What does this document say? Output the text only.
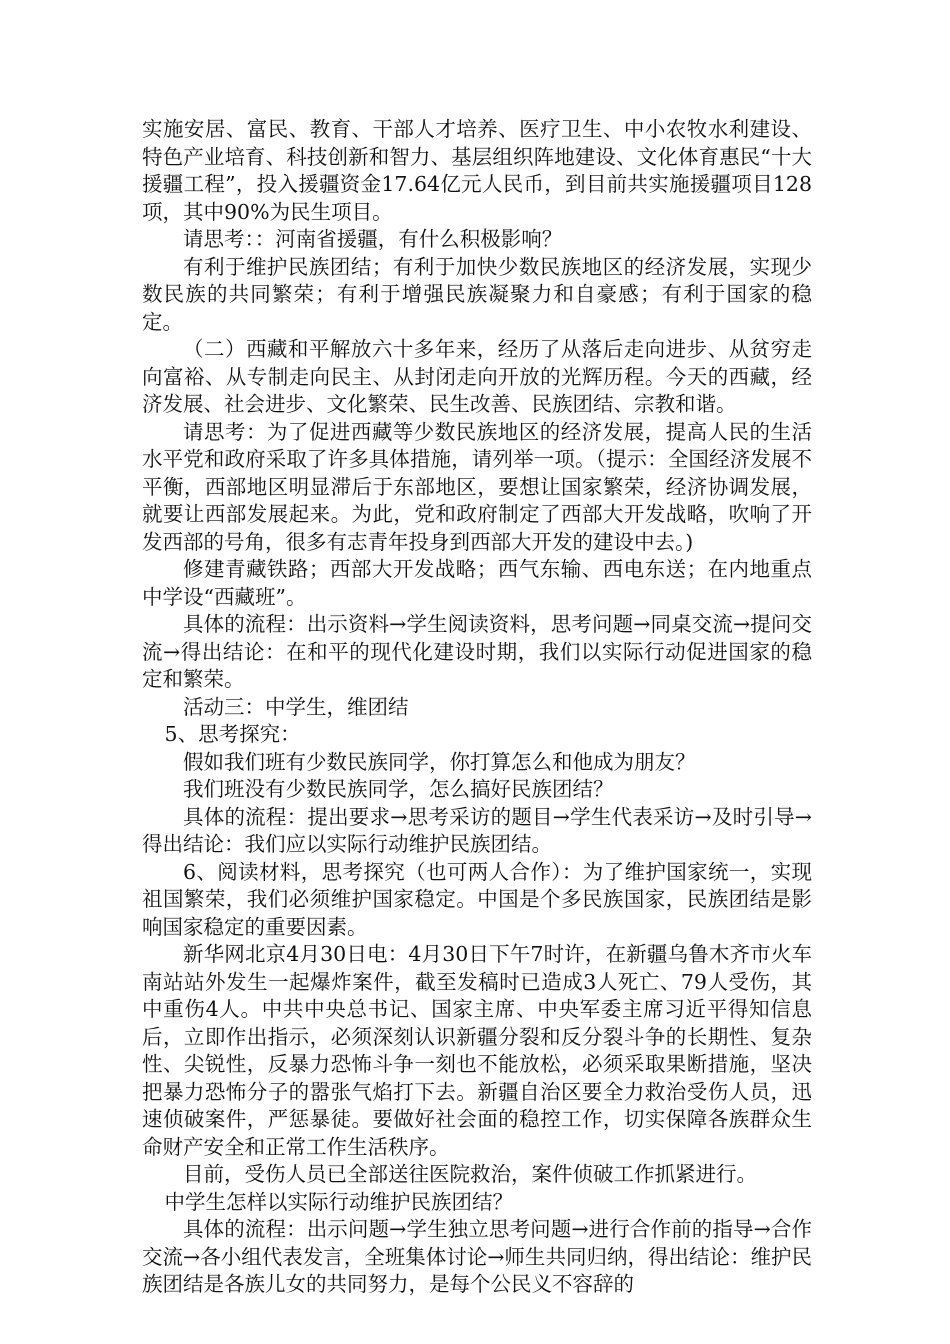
实施安居、富民、教育、干部人才培养、医疗卫生、中小农牧水利建设、特色产业培育、科技创新和智力、基层组织阵地建设、文化体育惠民“十大援疆工程”，投入援疆资金17.64亿元人民币，到目前共实施援疆项目128项，其中90%为民生项目。

请思考：：河南省援疆，有什么积极影响？

有利于维护民族团结；有利于加快少数民族地区的经济发展，实现少数民族的共同繁荣；有利于增强民族凝聚力和自豪感；有利于国家的稳定。

（二）西藏和平解放六十多年来，经历了从落后走向进步、从贫穷走向富裕、从专制走向民主、从封闭走向开放的光辉历程。今天的西藏，经济发展、社会进步、文化繁荣、民生改善、民族团结、宗教和谐。

请思考：为了促进西藏等少数民族地区的经济发展，提高人民的生活水平党和政府采取了许多具体措施，请列举一项。（提示：全国经济发展不平衡，西部地区明显滞后于东部地区，要想让国家繁荣，经济协调发展，就要让西部发展起来。为此，党和政府制定了西部大开发战略，吹响了开发西部的号角，很多有志青年投身到西部大开发的建设中去。)

修建青藏铁路；西部大开发战略；西气东输、西电东送；在内地重点中学设“西藏班”。

具体的流程：出示资料→学生阅读资料，思考问题→同桌交流→提问交流→得出结论：在和平的现代化建设时期，我们以实际行动促进国家的稳定和繁荣。

活动三：中学生，维团结

5、思考探究：

假如我们班有少数民族同学，你打算怎么和他成为朋友？

我们班没有少数民族同学，怎么搞好民族团结？

具体的流程：提出要求→思考采访的题目→学生代表采访→及时引导→得出结论：我们应以实际行动维护民族团结。

6、阅读材料，思考探究（也可两人合作）：为了维护国家统一，实现祖国繁荣，我们必须维护国家稳定。中国是个多民族国家，民族团结是影响国家稳定的重要因素。

新华网北京4月30日电：4月30日下午7时许，在新疆乌鲁木齐市火车南站站外发生一起爆炸案件，截至发稿时已造成3人死亡、79人受伤，其中重伤4人。中共中央总书记、国家主席、中央军委主席习近平得知信息后，立即作出指示，必须深刻认识新疆分裂和反分裂斗争的长期性、复杂性、尖锐性，反暴力恐怖斗争一刻也不能放松，必须采取果断措施，坚决把暴力恐怖分子的嚣张气焰打下去。新疆自治区要全力救治受伤人员，迅速侦破案件，严惩暴徒。要做好社会面的稳控工作，切实保障各族群众生命财产安全和正常工作生活秩序。

目前，受伤人员已全部送往医院救治，案件侦破工作抓紧进行。

中学生怎样以实际行动维护民族团结？

具体的流程：出示问题→学生独立思考问题→进行合作前的指导→合作交流→各小组代表发言，全班集体讨论→师生共同归纳，得出结论：维护民族团结是各族儿女的共同努力，是每个公民义不容辞的
